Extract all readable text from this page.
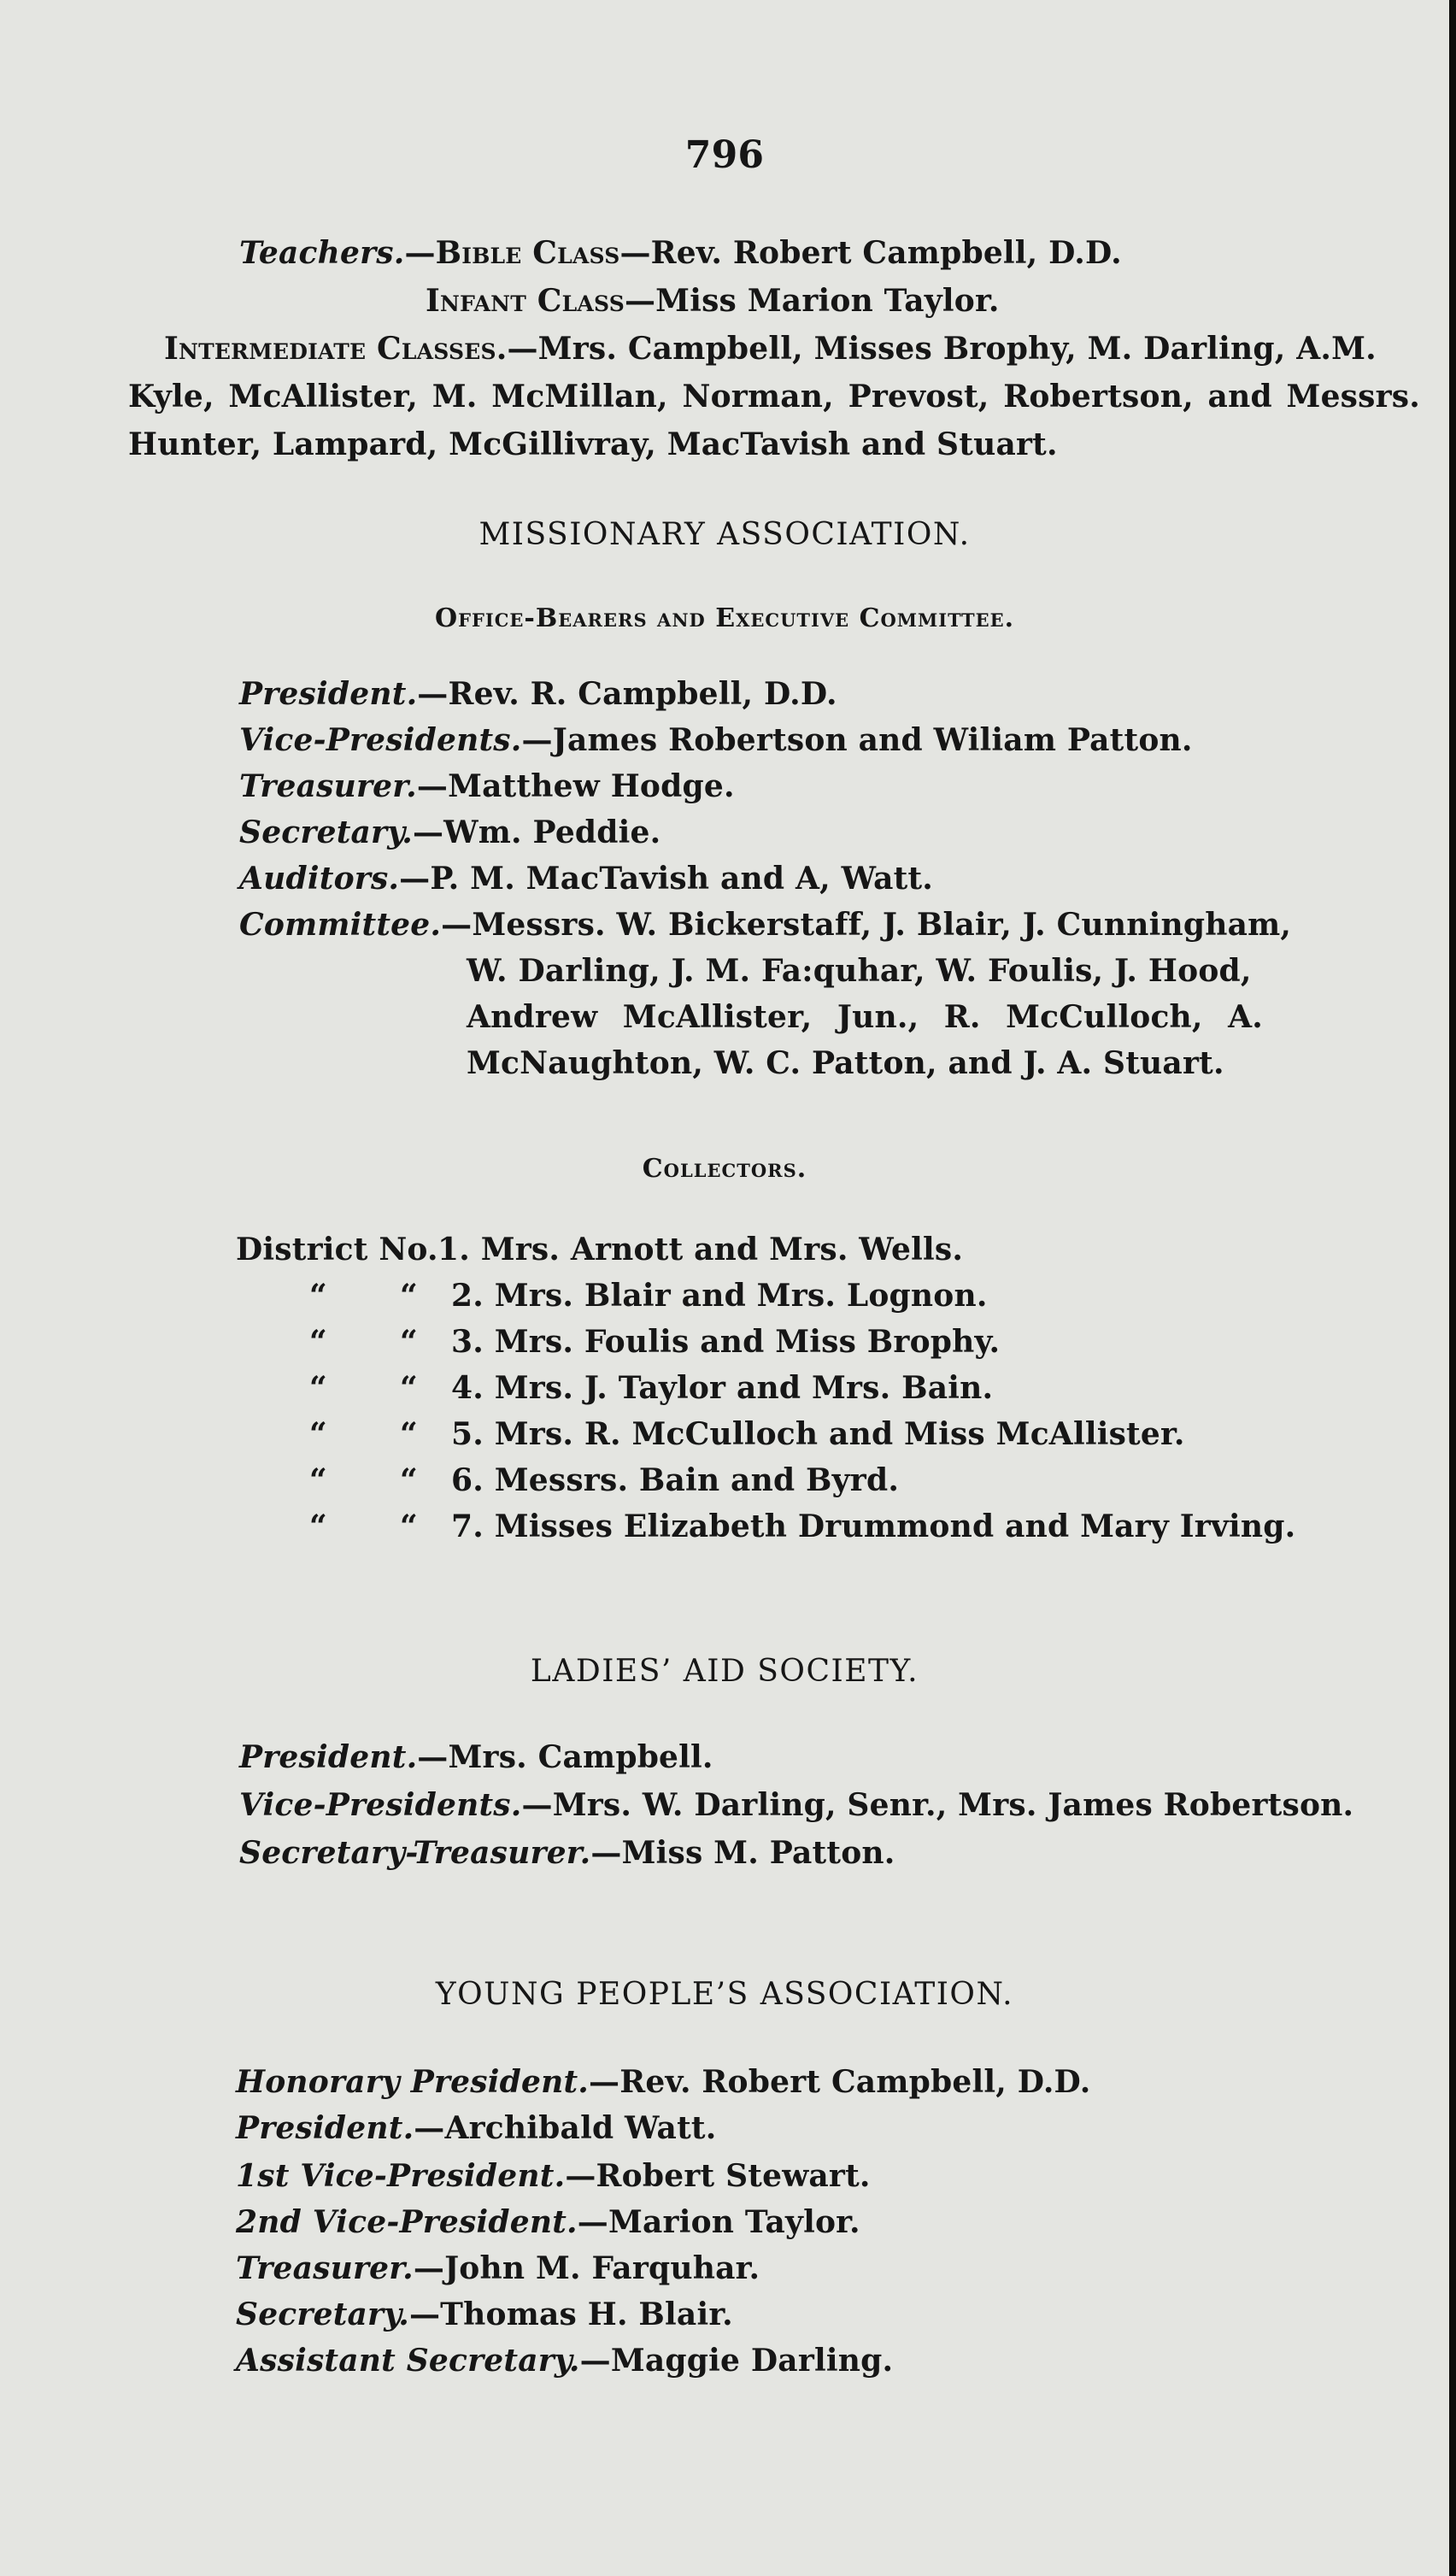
796
Teachers.—Bible Class—Rev. Robert Campbell, D.D.
Infant Class—Miss Marion Taylor.
Intermediate Classes.—Mrs. Campbell, Misses Brophy, M. Darling, A.M.
Kyle, McAllister, M. McMillan, Norman, Prevost, Robertson, and Messrs.
Hunter, Lampard, McGillivray, MacTavish and Stuart.
MISSIONARY ASSOCIATION.
Office-Bearers and Executive Committee.
President.—Rev. R. Campbell, D.D.
Vice-Presidents.—James Robertson and Wiliam Patton.
Treasurer.—Matthew Hodge.
Secretary.—Wm. Peddie.
Auditors.—P. M. MacTavish and A, Watt.
Committee.—Messrs. W. Bickerstaff, J. Blair, J. Cunningham,
W. Darling, J. M. Fa:quhar, W. Foulis, J. Hood,
Andrew McAllister, Jun., R. McCulloch, A.
McNaughton, W. C. Patton, and J. A. Stuart.
Collectors.
District No. 1. Mrs. Arnott and Mrs. Wells.
“ “ 2. Mrs. Blair and Mrs. Lognon.
“ “ 3. Mrs. Foulis and Miss Brophy.
“ “ 4. Mrs. J. Taylor and Mrs. Bain.
“ “ 5. Mrs. R. McCulloch and Miss McAllister.
“ “ 6. Messrs. Bain and Byrd.
“ “ 7. Misses Elizabeth Drummond and Mary Irving.
LADIES’ AID SOCIETY.
President.—Mrs. Campbell.
Vice-Presidents.—Mrs. W. Darling, Senr., Mrs. James Robertson.
Secretary-Treasurer.—Miss M. Patton.
YOUNG PEOPLE’S ASSOCIATION.
Honorary President.—Rev. Robert Campbell, D.D.
President.—Archibald Watt.
1st Vice-President.—Robert Stewart.
2nd Vice-President.—Marion Taylor.
Treasurer.—John M. Farquhar.
Secretary.—Thomas H. Blair.
Assistant Secretary.—Maggie Darling.
